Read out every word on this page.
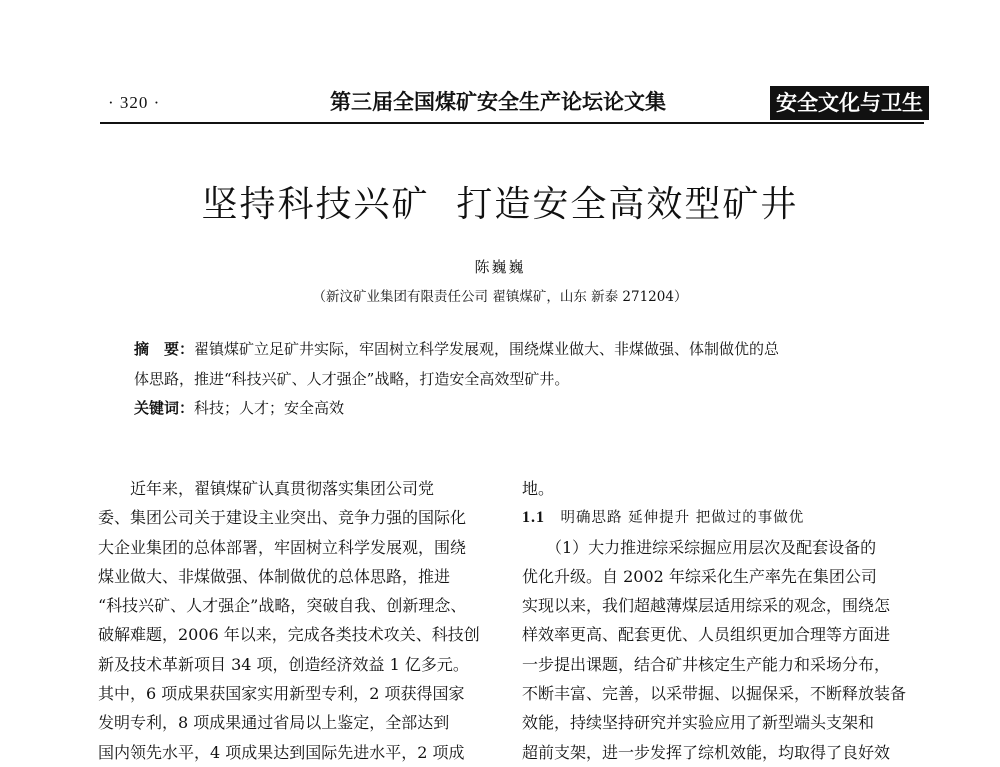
· 320 ·	第三届全国煤矿安全生产论坛论文集	安全文化与卫生
坚持科技兴矿  打造安全高效型矿井
陈巍巍
（新汶矿业集团有限责任公司 翟镇煤矿，山东 新泰 271204）
摘　要：翟镇煤矿立足矿井实际，牢固树立科学发展观，围绕煤业做大、非煤做强、体制做优的总
体思路，推进“科技兴矿、人才强企”战略，打造安全高效型矿井。
关键词：科技；人才；安全高效
　　近年来，翟镇煤矿认真贯彻落实集团公司党
委、集团公司关于建设主业突出、竞争力强的国际化
大企业集团的总体部署，牢固树立科学发展观，围绕
煤业做大、非煤做强、体制做优的总体思路，推进
“科技兴矿、人才强企”战略，突破自我、创新理念、
破解难题，2006 年以来，完成各类技术攻关、科技创
新及技术革新项目 34 项，创造经济效益 1 亿多元。
其中，6 项成果获国家实用新型专利，2 项获得国家
发明专利，8 项成果通过省局以上鉴定，全部达到
国内领先水平，4 项成果达到国际先进水平，2 项成
地。
1.1　 明确思路 延伸提升 把做过的事做优
　　（1）大力推进综采综掘应用层次及配套设备的
优化升级。自 2002 年综采化生产率先在集团公司
实现以来，我们超越薄煤层适用综采的观念，围绕怎
样效率更高、配套更优、人员组织更加合理等方面进
一步提出课题，结合矿井核定生产能力和采场分布，
不断丰富、完善，以采带掘、以掘保采，不断释放装备
效能，持续坚持研究并实验应用了新型端头支架和
超前支架，进一步发挥了综机效能，均取得了良好效
